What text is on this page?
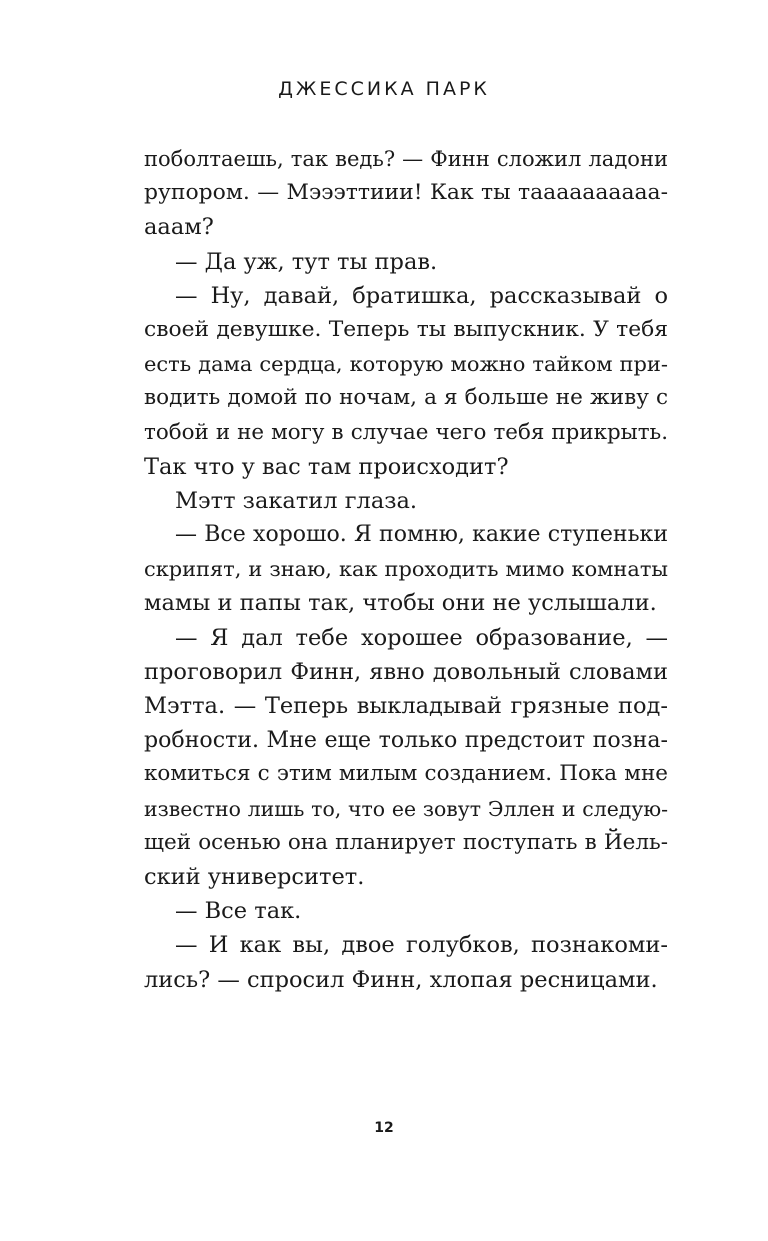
ДЖЕССИКА ПАРК
поболтаешь, так ведь? — Финн сложил ладони
рупором. — Мэээттиии! Как ты таааааааааа-
ааам?
— Да уж, тут ты прав.
— Ну, давай, братишка, рассказывай о
своей девушке. Теперь ты выпускник. У тебя
есть дама сердца, которую можно тайком при-
водить домой по ночам, а я больше не живу с
тобой и не могу в случае чего тебя прикрыть.
Так что у вас там происходит?
Мэтт закатил глаза.
— Все хорошо. Я помню, какие ступеньки
скрипят, и знаю, как проходить мимо комнаты
мамы и папы так, чтобы они не услышали.
— Я дал тебе хорошее образование, —
проговорил Финн, явно довольный словами
Мэтта. — Теперь выкладывай грязные под-
робности. Мне еще только предстоит позна-
комиться с этим милым созданием. Пока мне
известно лишь то, что ее зовут Эллен и следую-
щей осенью она планирует поступать в Йель-
ский университет.
— Все так.
— И как вы, двое голубков, познакоми-
лись? — спросил Финн, хлопая ресницами.
12
